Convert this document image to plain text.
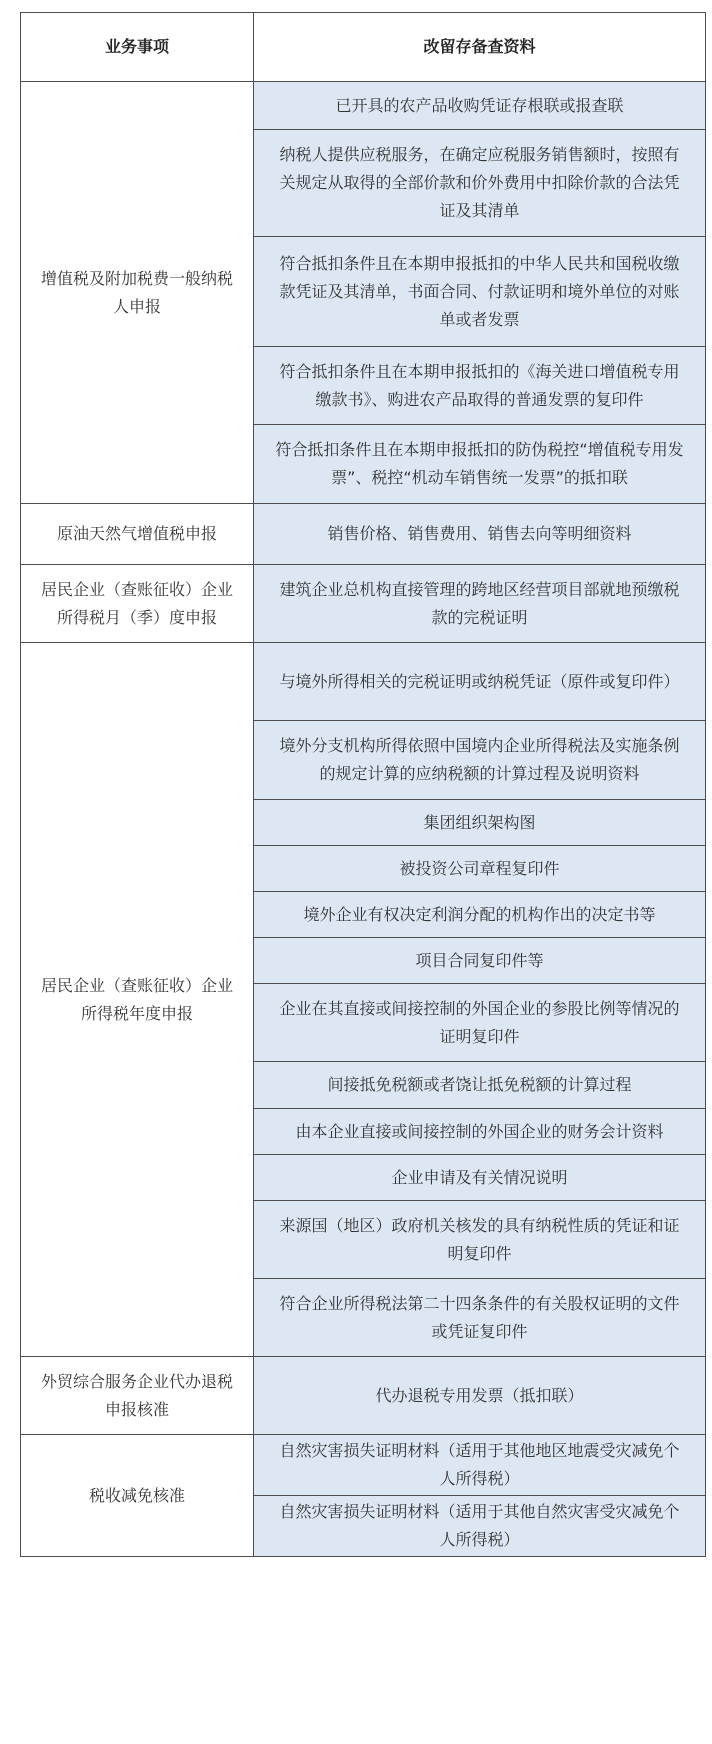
业务事项	改留存备查资料
增值税及附加税费一般纳税人申报	已开具的农产品收购凭证存根联或报查联
	纳税人提供应税服务，在确定应税服务销售额时，按照有关规定从取得的全部价款和价外费用中扣除价款的合法凭证及其清单
	符合抵扣条件且在本期申报抵扣的中华人民共和国税收缴款凭证及其清单，书面合同、付款证明和境外单位的对账单或者发票
	符合抵扣条件且在本期申报抵扣的《海关进口增值税专用缴款书》、购进农产品取得的普通发票的复印件
	符合抵扣条件且在本期申报抵扣的防伪税控“增值税专用发票”、税控“机动车销售统一发票”的抵扣联
原油天然气增值税申报	销售价格、销售费用、销售去向等明细资料
居民企业（查账征收）企业所得税月（季）度申报	建筑企业总机构直接管理的跨地区经营项目部就地预缴税款的完税证明
居民企业（查账征收）企业所得税年度申报	与境外所得相关的完税证明或纳税凭证（原件或复印件）
	境外分支机构所得依照中国境内企业所得税法及实施条例的规定计算的应纳税额的计算过程及说明资料
	集团组织架构图
	被投资公司章程复印件
	境外企业有权决定利润分配的机构作出的决定书等
	项目合同复印件等
	企业在其直接或间接控制的外国企业的参股比例等情况的证明复印件
	间接抵免税额或者饶让抵免税额的计算过程
	由本企业直接或间接控制的外国企业的财务会计资料
	企业申请及有关情况说明
	来源国（地区）政府机关核发的具有纳税性质的凭证和证明复印件
	符合企业所得税法第二十四条条件的有关股权证明的文件或凭证复印件
外贸综合服务企业代办退税申报核准	代办退税专用发票（抵扣联）
税收减免核准	自然灾害损失证明材料（适用于其他地区地震受灾减免个人所得税）
	自然灾害损失证明材料（适用于其他自然灾害受灾减免个人所得税）
